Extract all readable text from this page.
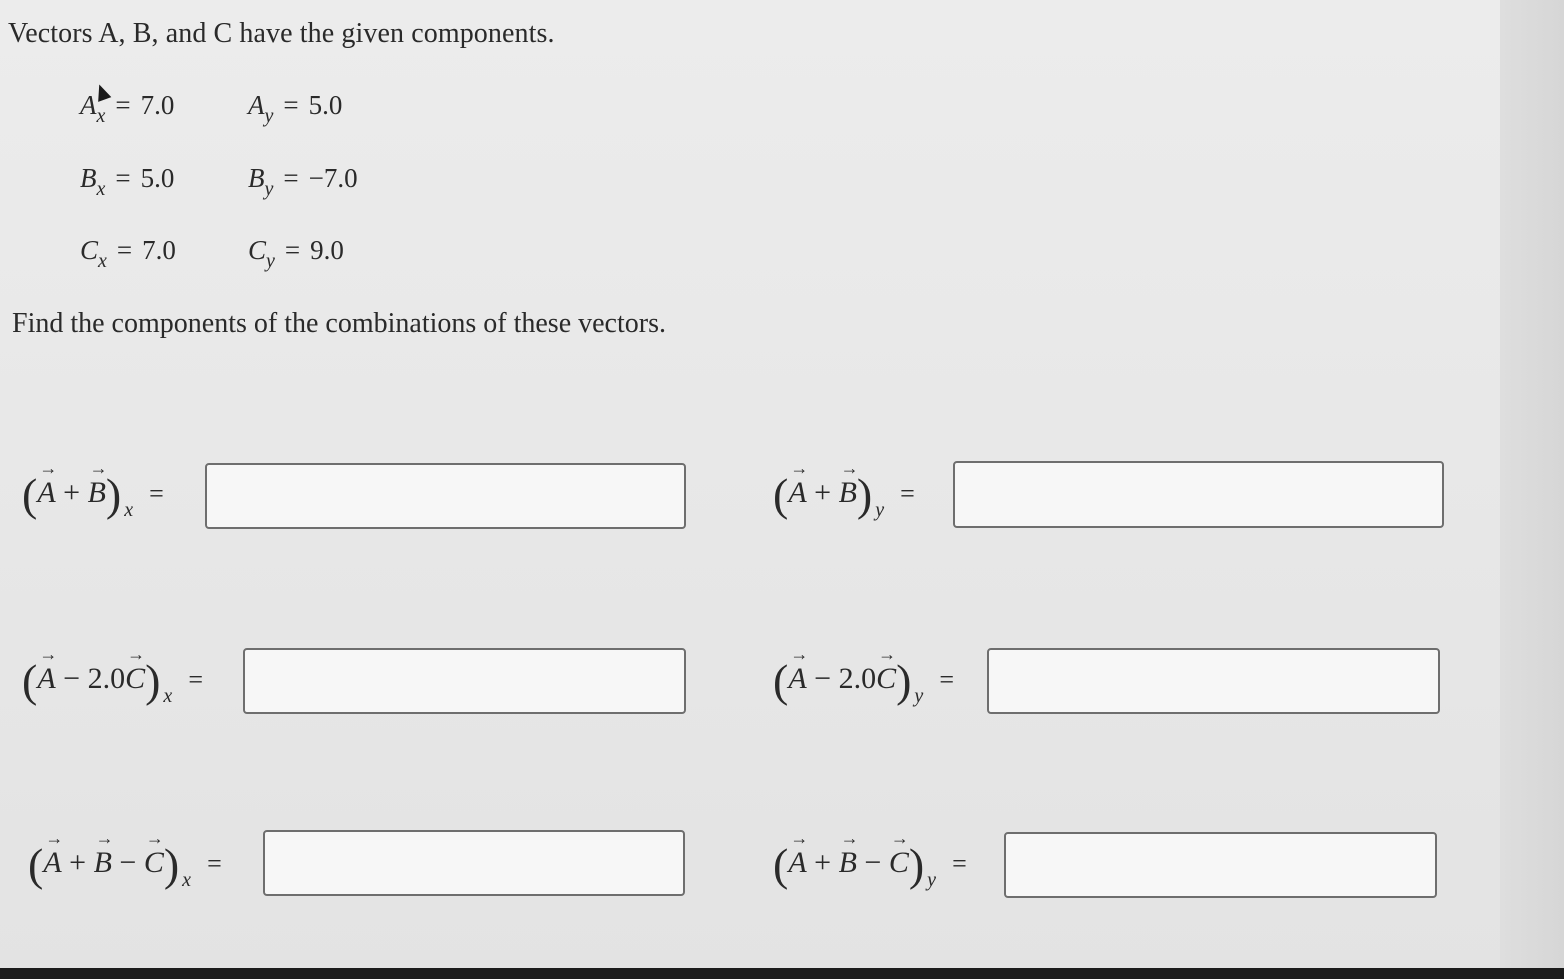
Vectors A, B, and C have the given components.
$A_x = 7.0$	$A_y = 5.0$
$B_x = 5.0$	$B_y = -7.0$
$C_x = 7.0$	$C_y = 9.0$
Find the components of the combinations of these vectors.
(→ A + → B) $_x$=	(→ A + → B) $_y$=
(→ A − 2.0→ C) $_x$=	(→ A − 2.0→ C) $_y$=
(→ A + → B − → C) $_x$=	(→ A + → B − → C) $_y$=
